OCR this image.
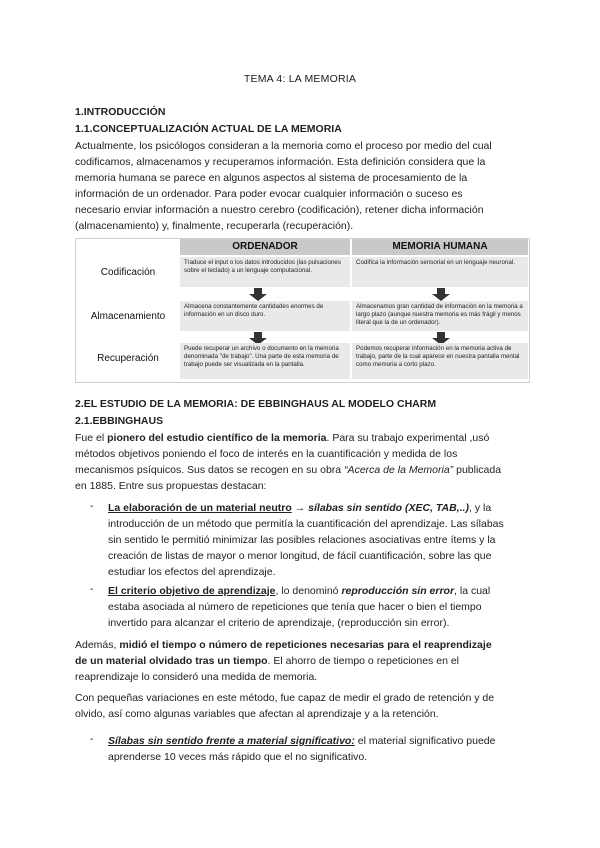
TEMA 4: LA MEMORIA
1.INTRODUCCIÓN
1.1.CONCEPTUALIZACIÓN ACTUAL DE LA MEMORIA
Actualmente, los psicólogos consideran a la memoria como el proceso por medio del cual
codificamos, almacenamos y recuperamos información. Esta definición considera que la
memoria humana se parece en algunos aspectos al sistema de procesamiento de la
información de un ordenador. Para poder evocar cualquier información o suceso es
necesario enviar información a nuestro cerebro (codificación), retener dicha información
(almacenamiento) y, finalmente, recuperarla (recuperación).
ORDENADOR	MEMORIA HUMANA
Codificación
Traduce el input o los datos introducidos (las pulsaciones sobre el teclado) a un lenguaje computacional.
Codifica la información sensorial en un lenguaje neuronal.
Almacenamiento
Almacena constantemente cantidades enormes de información en un disco duro.
Almacenamos gran cantidad de información en la memoria a largo plazo (aunque nuestra memoria es más frágil y menos literal que la de un ordenador).
Recuperación
Puede recuperar un archivo o documento en la memoria denominada "de trabajo". Una parte de esta memoria de trabajo puede ser visualizada en la pantalla.
Podemos recuperar información en la memoria activa de trabajo, parte de la cual aparece en nuestra pantalla mental como memoria a corto plazo.
2.EL ESTUDIO DE LA MEMORIA: DE EBBINGHAUS AL MODELO CHARM
2.1.EBBINGHAUS
Fue el pionero del estudio científico de la memoria. Para su trabajo experimental ,usó
métodos objetivos poniendo el foco de interés en la cuantificación y medida de los
mecanismos psíquicos. Sus datos se recogen en su obra “Acerca de la Memoria” publicada
en 1885. Entre sus propuestas destacan:
- La elaboración de un material neutro → sílabas sin sentido (XEC, TAB,..), y la
introducción de un método que permitía la cuantificación del aprendizaje. Las sílabas
sin sentido le permitió minimizar las posibles relaciones asociativas entre ítems y la
creación de listas de mayor o menor longitud, de fácil cuantificación, sobre las que
estudiar los efectos del aprendizaje.
- El criterio objetivo de aprendizaje, lo denominó reproducción sin error, la cual
estaba asociada al número de repeticiones que tenía que hacer o bien el tiempo
invertido para alcanzar el criterio de aprendizaje, (reproducción sin error).
Además, midió el tiempo o número de repeticiones necesarias para el reaprendizaje
de un material olvidado tras un tiempo. El ahorro de tiempo o repeticiones en el
reaprendizaje lo consideró una medida de memoria.
Con pequeñas variaciones en este método, fue capaz de medir el grado de retención y de
olvido, así como algunas variables que afectan al aprendizaje y a la retención.
- Sílabas sin sentido frente a material significativo: el material significativo puede
aprenderse 10 veces más rápido que el no significativo.
